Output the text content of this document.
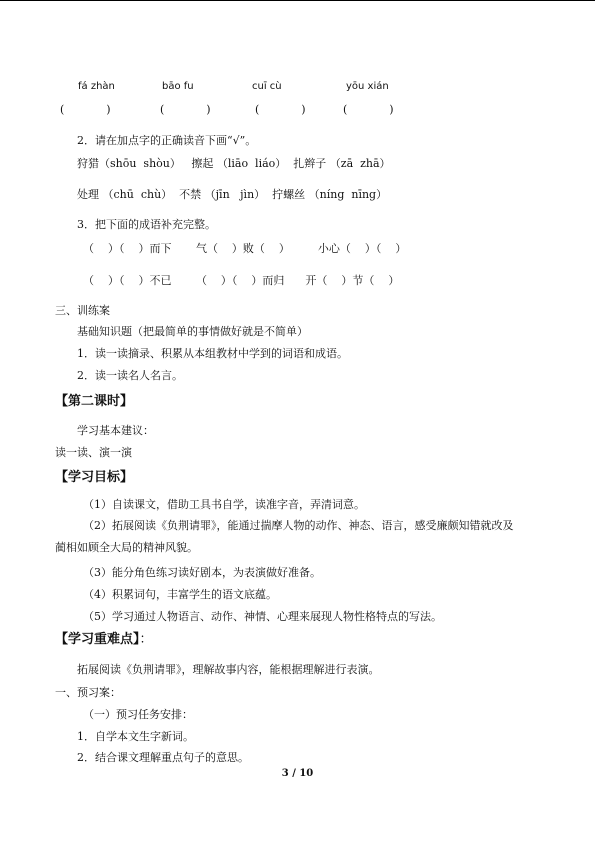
fá zhàn	bāo fu	cuī cù	yōu xián
(            )	(            )	(            )	(            )
2．请在加点字的正确读音下画“√”。
狩猎（shōu  shòu）   擦起 （liāo  liáo）  扎辫子 （zā  zhā）
处理 （chū  chù）  不禁 （jīn   jìn）  拧螺丝 （níng  nīng）
3．把下面的成语补充完整。
（    ）（    ）而下       气（    ）败（    ）        小心（    ）（    ）
（    ）（    ）不已       （    ）（    ）而归      开（    ）节（    ）
三、训练案
基础知识题（把最简单的事情做好就是不简单）
1．读一读摘录、积累从本组教材中学到的词语和成语。
2．读一读名人名言。
【第二课时】
学习基本建议：
读一读、演一演
【学习目标】
（1）自读课文，借助工具书自学，读准字音，弄清词意。
（2）拓展阅读《负荆请罪》，能通过揣摩人物的动作、神态、语言，感受廉颇知错就改及蔺相如顾全大局的精神风貌。
（3）能分角色练习读好剧本，为表演做好准备。
（4）积累词句，丰富学生的语文底蕴。
（5）学习通过人物语言、动作、神情、心理来展现人物性格特点的写法。
【学习重难点】：
拓展阅读《负荆请罪》，理解故事内容，能根据理解进行表演。
一、预习案：
（一）预习任务安排：
1．自学本文生字新词。
2．结合课文理解重点句子的意思。
3 / 10
